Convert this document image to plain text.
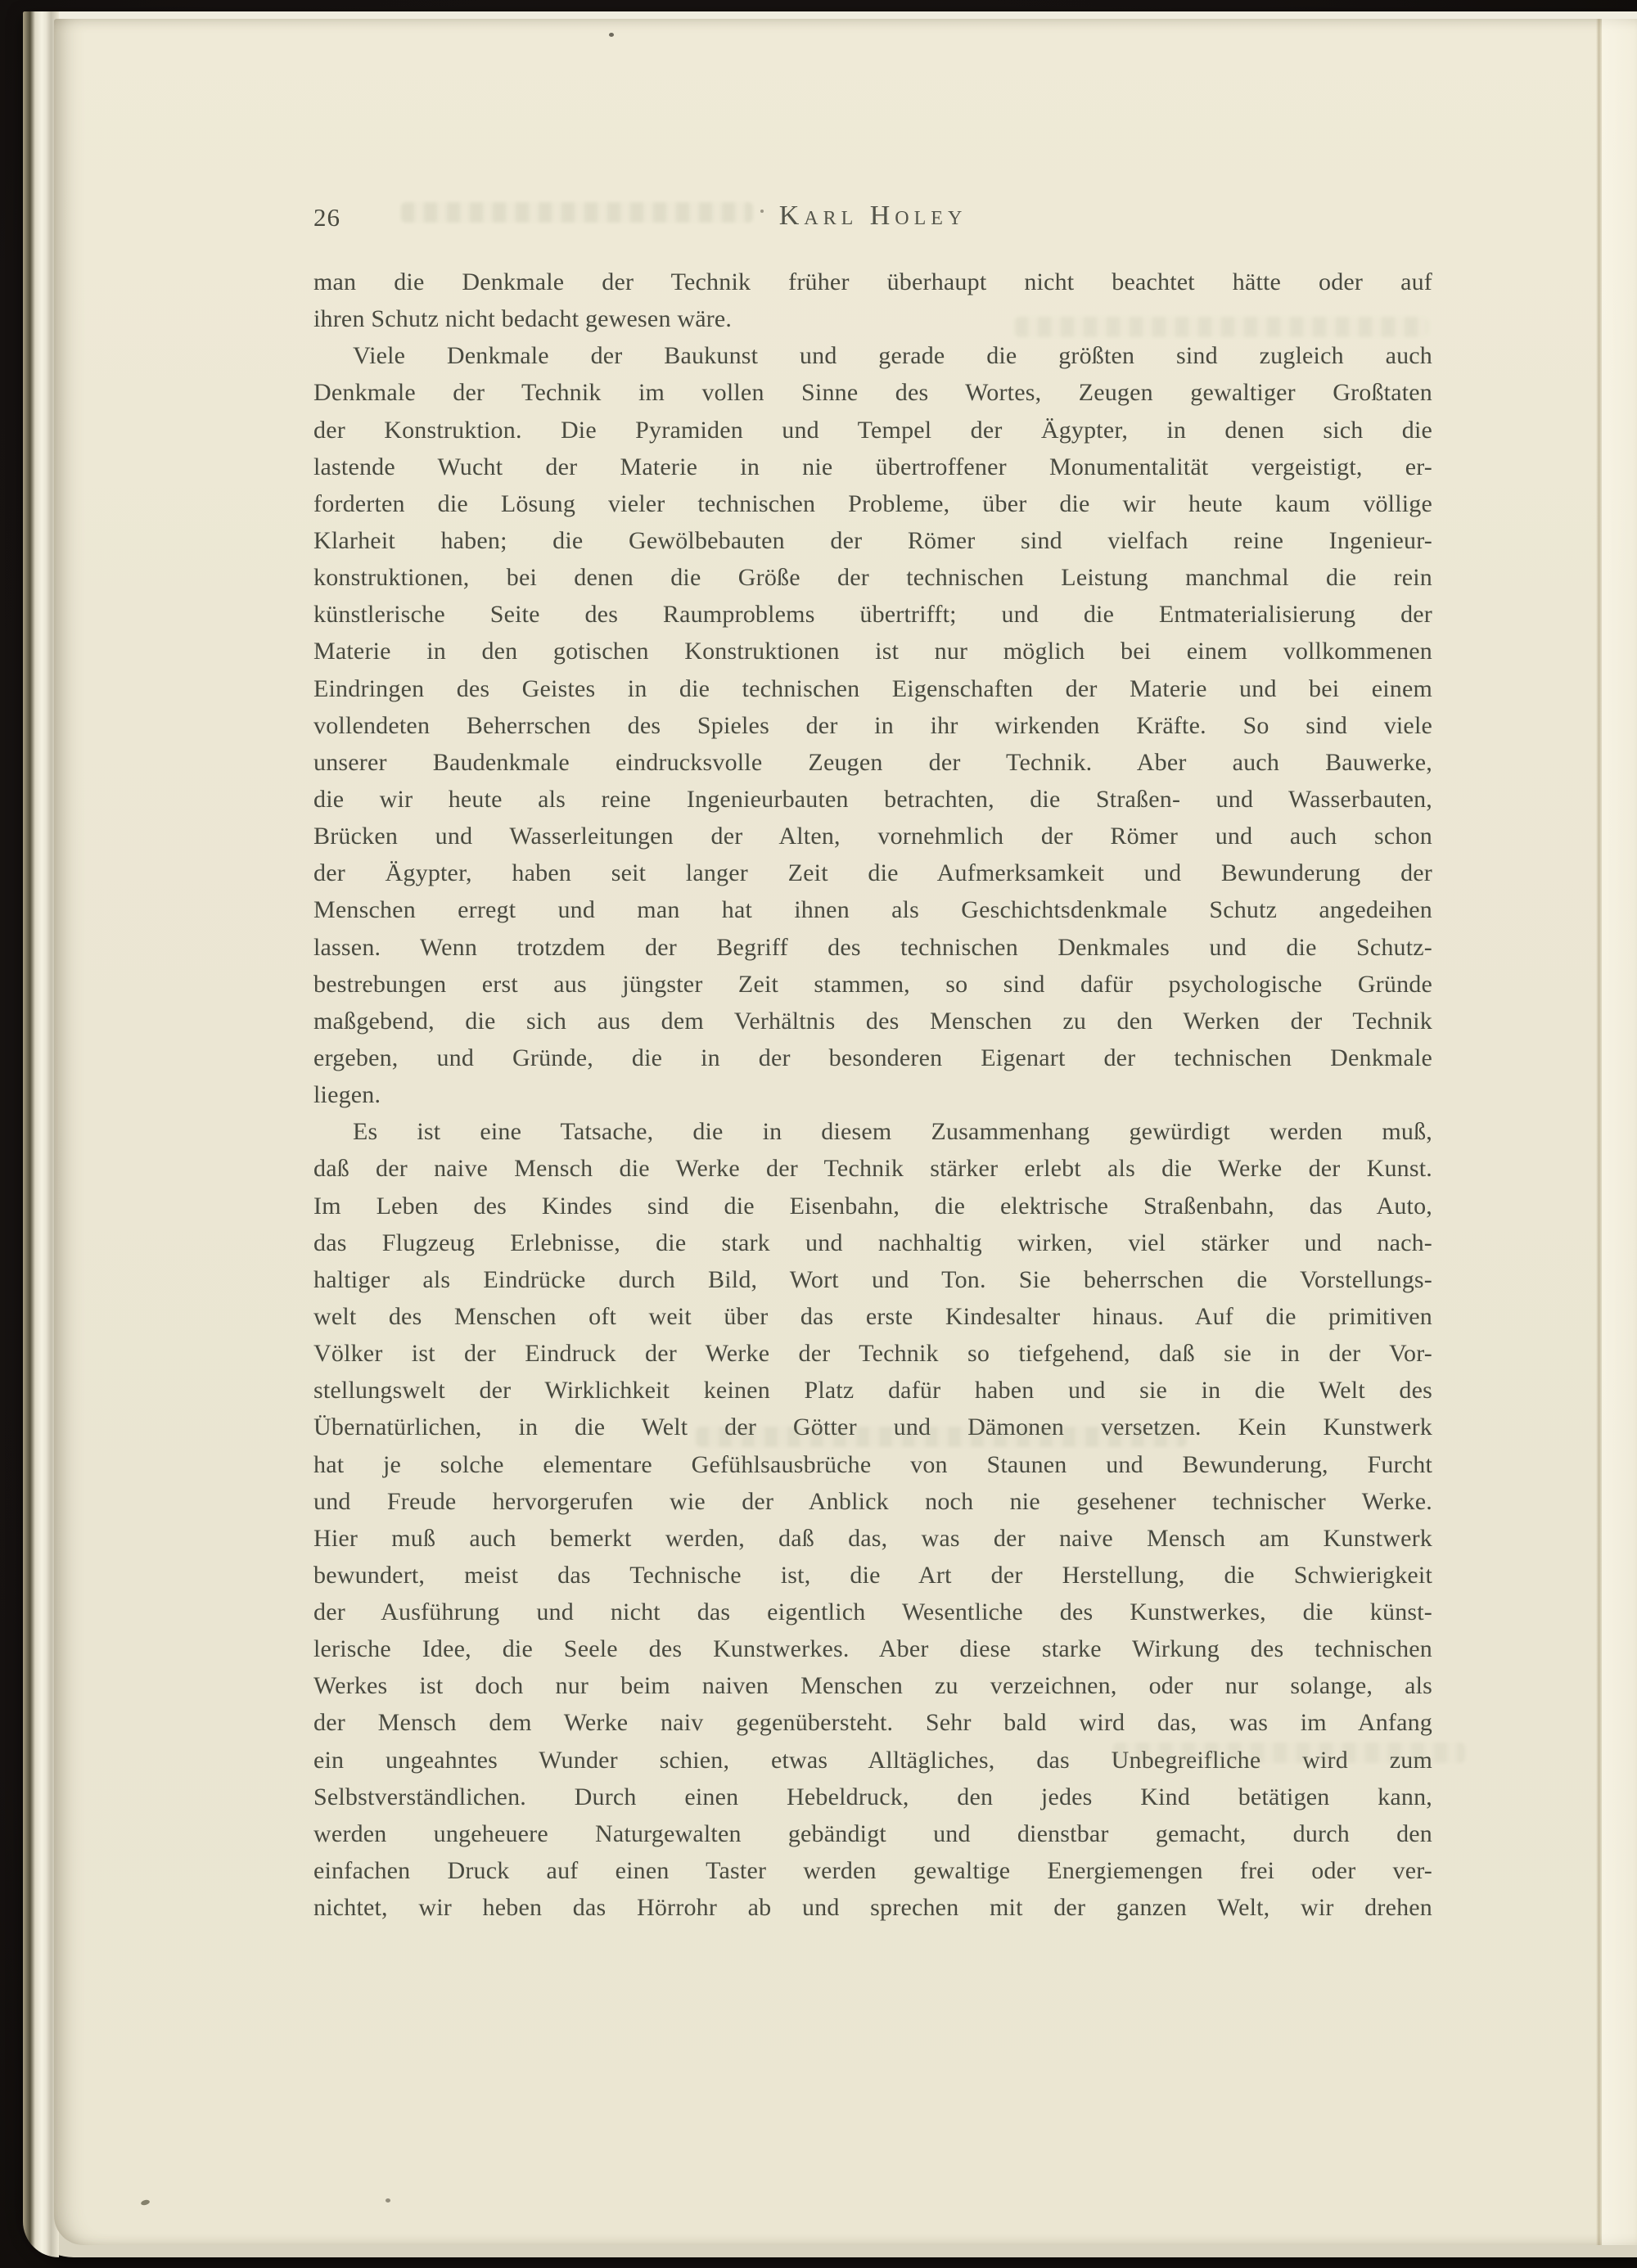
26	Karl Holey
man die Denkmale der Technik früher überhaupt nicht beachtet hätte oder auf
ihren Schutz nicht bedacht gewesen wäre.
Viele Denkmale der Baukunst und gerade die größten sind zugleich auch
Denkmale der Technik im vollen Sinne des Wortes, Zeugen gewaltiger Großtaten
der Konstruktion. Die Pyramiden und Tempel der Ägypter, in denen sich die
lastende Wucht der Materie in nie übertroffener Monumentalität vergeistigt, er-
forderten die Lösung vieler technischen Probleme, über die wir heute kaum völlige
Klarheit haben; die Gewölbebauten der Römer sind vielfach reine Ingenieur-
konstruktionen, bei denen die Größe der technischen Leistung manchmal die rein
künstlerische Seite des Raumproblems übertrifft; und die Entmaterialisierung der
Materie in den gotischen Konstruktionen ist nur möglich bei einem vollkommenen
Eindringen des Geistes in die technischen Eigenschaften der Materie und bei einem
vollendeten Beherrschen des Spieles der in ihr wirkenden Kräfte. So sind viele
unserer Baudenkmale eindrucksvolle Zeugen der Technik. Aber auch Bauwerke,
die wir heute als reine Ingenieurbauten betrachten, die Straßen- und Wasserbauten,
Brücken und Wasserleitungen der Alten, vornehmlich der Römer und auch schon
der Ägypter, haben seit langer Zeit die Aufmerksamkeit und Bewunderung der
Menschen erregt und man hat ihnen als Geschichtsdenkmale Schutz angedeihen
lassen. Wenn trotzdem der Begriff des technischen Denkmales und die Schutz-
bestrebungen erst aus jüngster Zeit stammen, so sind dafür psychologische Gründe
maßgebend, die sich aus dem Verhältnis des Menschen zu den Werken der Technik
ergeben, und Gründe, die in der besonderen Eigenart der technischen Denkmale
liegen.
Es ist eine Tatsache, die in diesem Zusammenhang gewürdigt werden muß,
daß der naive Mensch die Werke der Technik stärker erlebt als die Werke der Kunst.
Im Leben des Kindes sind die Eisenbahn, die elektrische Straßenbahn, das Auto,
das Flugzeug Erlebnisse, die stark und nachhaltig wirken, viel stärker und nach-
haltiger als Eindrücke durch Bild, Wort und Ton. Sie beherrschen die Vorstellungs-
welt des Menschen oft weit über das erste Kindesalter hinaus. Auf die primitiven
Völker ist der Eindruck der Werke der Technik so tiefgehend, daß sie in der Vor-
stellungswelt der Wirklichkeit keinen Platz dafür haben und sie in die Welt des
Übernatürlichen, in die Welt der Götter und Dämonen versetzen. Kein Kunstwerk
hat je solche elementare Gefühlsausbrüche von Staunen und Bewunderung, Furcht
und Freude hervorgerufen wie der Anblick noch nie gesehener technischer Werke.
Hier muß auch bemerkt werden, daß das, was der naive Mensch am Kunstwerk
bewundert, meist das Technische ist, die Art der Herstellung, die Schwierigkeit
der Ausführung und nicht das eigentlich Wesentliche des Kunstwerkes, die künst-
lerische Idee, die Seele des Kunstwerkes. Aber diese starke Wirkung des technischen
Werkes ist doch nur beim naiven Menschen zu verzeichnen, oder nur solange, als
der Mensch dem Werke naiv gegenübersteht. Sehr bald wird das, was im Anfang
ein ungeahntes Wunder schien, etwas Alltägliches, das Unbegreifliche wird zum
Selbstverständlichen. Durch einen Hebeldruck, den jedes Kind betätigen kann,
werden ungeheuere Naturgewalten gebändigt und dienstbar gemacht, durch den
einfachen Druck auf einen Taster werden gewaltige Energiemengen frei oder ver-
nichtet, wir heben das Hörrohr ab und sprechen mit der ganzen Welt, wir drehen
